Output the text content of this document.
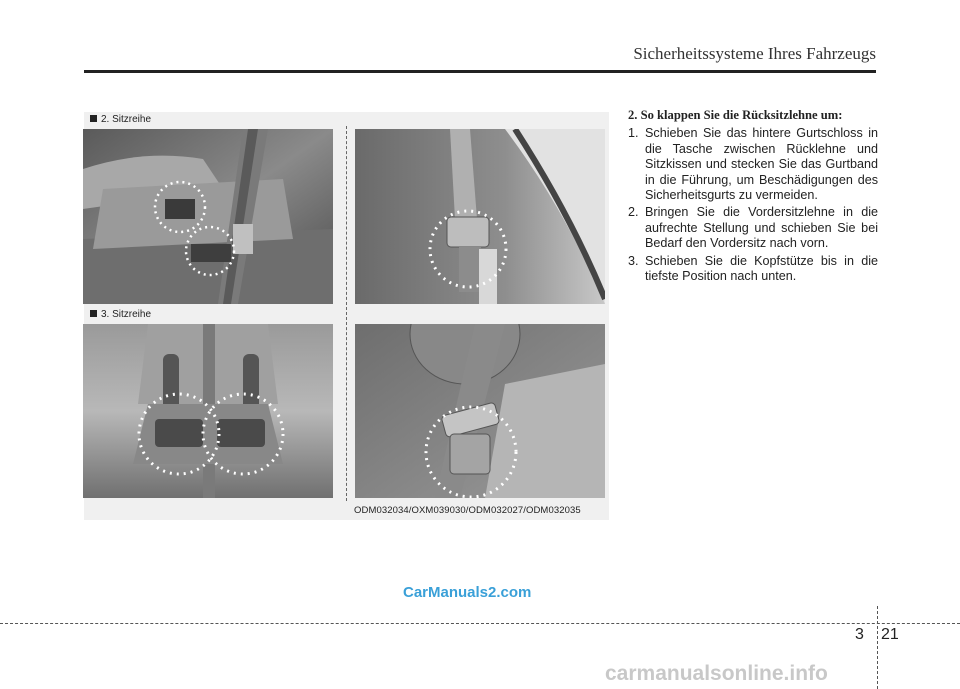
Sicherheitssysteme Ihres Fahrzeugs
2. Sitzreihe
3. Sitzreihe
ODM032034/OXM039030/ODM032027/ODM032035
2. So klappen Sie die Rücksitzlehne um:
1. Schieben Sie das hintere Gurtschloss in die Tasche zwischen Rücklehne und Sitzkissen und stecken Sie das Gurtband in die Führung, um Beschädigungen des Sicherheitsgurts zu vermeiden.
2. Bringen Sie die Vordersitzlehne in die aufrechte Stellung und schieben Sie bei Bedarf den Vordersitz nach vorn.
3. Schieben Sie die Kopfstütze bis in die tiefste Position nach unten.
CarManuals2.com
3 21
carmanualsonline.info
